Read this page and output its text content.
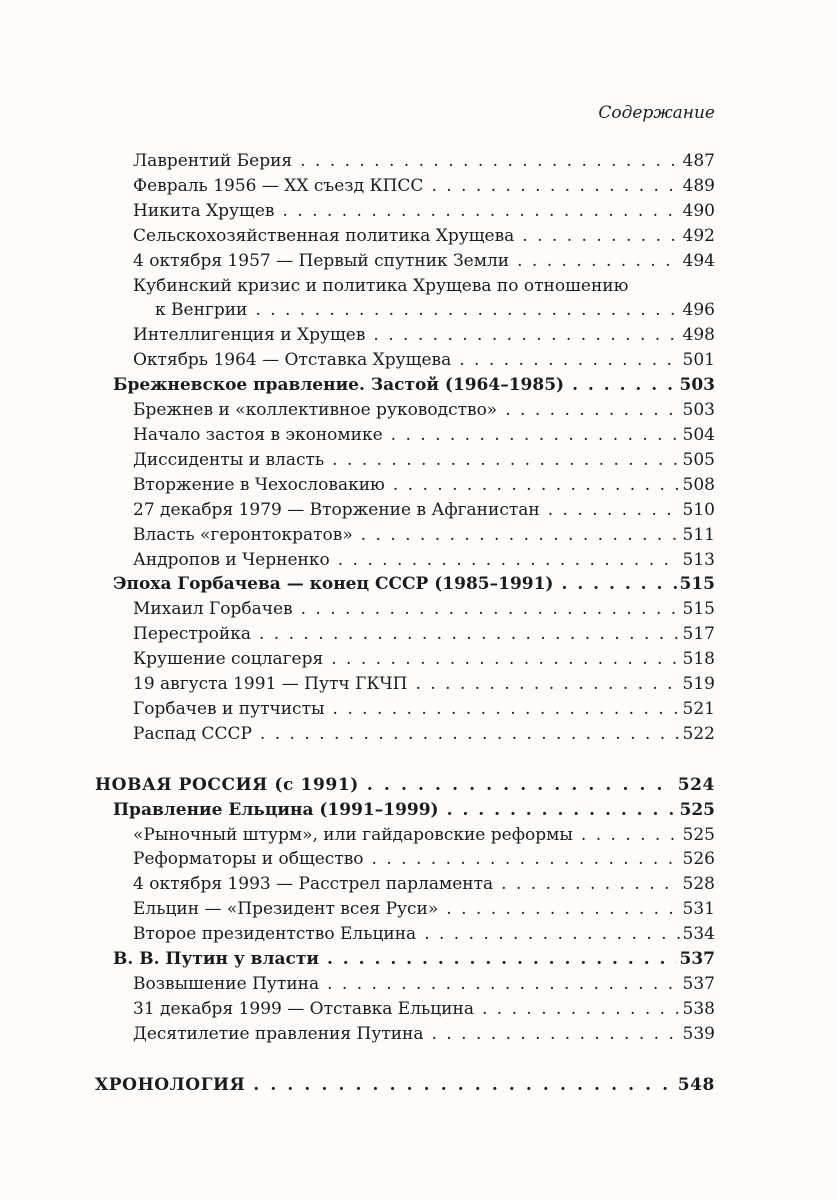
Содержание
Лаврентий Берия . . .	487
Февраль 1956 — XX съезд КПСС . . .	489
Никита Хрущев . . .	490
Сельскохозяйственная политика Хрущева . . .	492
4 октября 1957 — Первый спутник Земли . . .	494
Кубинский кризис и политика Хрущева по отношению
к Венгрии . . .	496
Интеллигенция и Хрущев . . .	498
Октябрь 1964 — Отставка Хрущева . . .	501
Брежневское правление. Застой (1964–1985) . . .	503
Брежнев и «коллективное руководство» . . .	503
Начало застоя в экономике . . .	504
Диссиденты и власть . . .	505
Вторжение в Чехословакию . . .	508
27 декабря 1979 — Вторжение в Афганистан . . .	510
Власть «геронтократов» . . .	511
Андропов и Черненко . . .	513
Эпоха Горбачева — конец СССР (1985–1991) . . .	515
Михаил Горбачев . . .	515
Перестройка . . .	517
Крушение соцлагеря . . .	518
19 августа 1991 — Путч ГКЧП . . .	519
Горбачев и путчисты . . .	521
Распад СССР . . .	522
НОВАЯ РОССИЯ (с 1991) . . .	524
Правление Ельцина (1991–1999) . . .	525
«Рыночный штурм», или гайдаровские реформы . . .	525
Реформаторы и общество . . .	526
4 октября 1993 — Расстрел парламента . . .	528
Ельцин — «Президент всея Руси» . . .	531
Второе президентство Ельцина . . .	534
В. В. Путин у власти . . .	537
Возвышение Путина . . .	537
31 декабря 1999 — Отставка Ельцина . . .	538
Десятилетие правления Путина . . .	539
ХРОНОЛОГИЯ . . .	548
